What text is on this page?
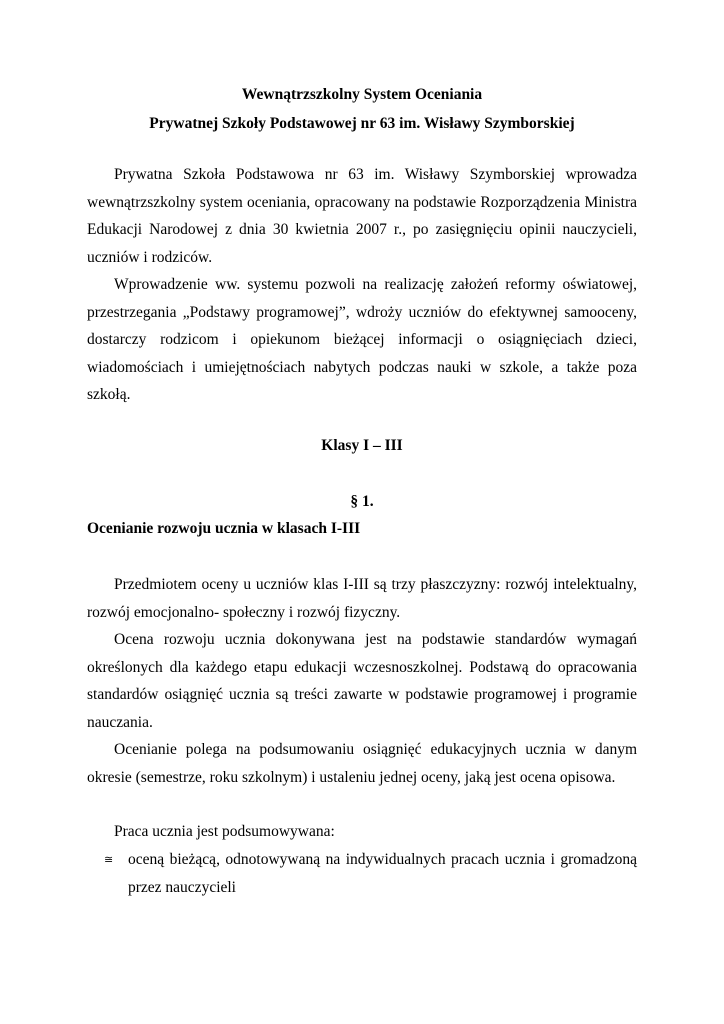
Wewnątrzszkolny System Oceniania
Prywatnej Szkoły Podstawowej nr 63 im. Wisławy Szymborskiej
Prywatna Szkoła Podstawowa nr 63 im. Wisławy Szymborskiej wprowadza wewnątrzszkolny system oceniania, opracowany na podstawie Rozporządzenia Ministra Edukacji Narodowej z dnia 30 kwietnia 2007 r., po zasięgnięciu opinii nauczycieli, uczniów i rodziców.
Wprowadzenie ww. systemu pozwoli na realizację założeń reformy oświatowej, przestrzegania „Podstawy programowej”, wdroży uczniów do efektywnej samooceny, dostarczy rodzicom i opiekunom bieżącej informacji o osiągnięciach dzieci, wiadomościach i umiejętnościach nabytych podczas nauki w szkole, a także poza szkołą.
Klasy I – III
§ 1.
Ocenianie rozwoju ucznia w klasach I-III
Przedmiotem oceny u uczniów klas I-III są trzy płaszczyzny: rozwój intelektualny, rozwój emocjonalno- społeczny i rozwój fizyczny.
Ocena rozwoju ucznia dokonywana jest na podstawie standardów wymagań określonych dla każdego etapu edukacji wczesnoszkolnej. Podstawą do opracowania standardów osiągnięć ucznia są treści zawarte w podstawie programowej i programie nauczania.
Ocenianie polega na podsumowaniu osiągnięć edukacyjnych ucznia w danym okresie (semestrze, roku szkolnym) i ustaleniu jednej oceny, jaką jest ocena opisowa.
Praca ucznia jest podsumowywana:
≅ oceną bieżącą, odnotowywaną na indywidualnych pracach ucznia i gromadzoną przez nauczycieli
